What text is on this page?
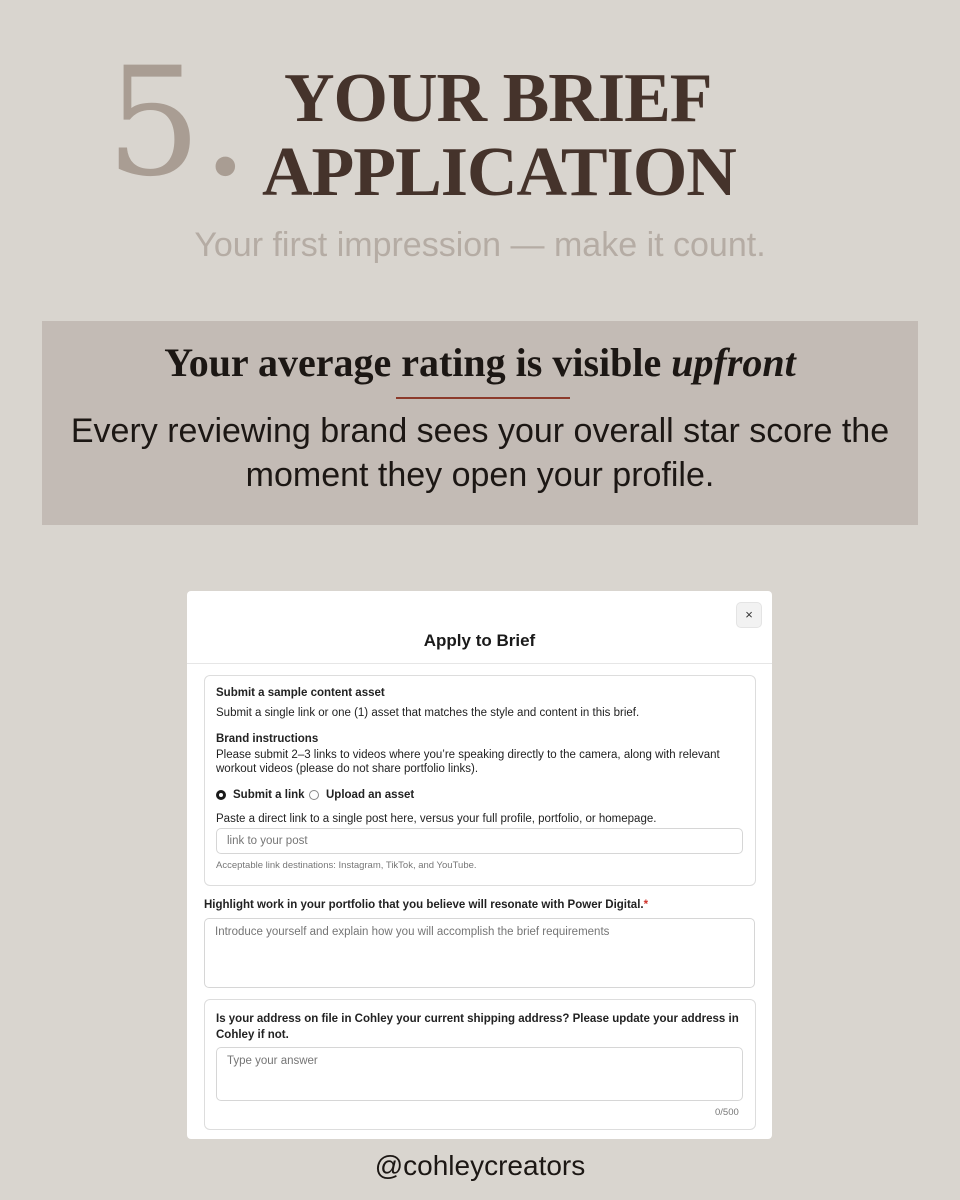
5. YOUR BRIEF
APPLICATION
Your first impression — make it count.
Your average rating is visible upfront
Every reviewing brand sees your overall star score the moment they open your profile.
×
Apply to Brief
Submit a sample content asset
Submit a single link or one (1) asset that matches the style and content in this brief.
Brand instructions
Please submit 2–3 links to videos where you’re speaking directly to the camera, along with relevant
workout videos (please do not share portfolio links).
Submit a link Upload an asset
Paste a direct link to a single post here, versus your full profile, portfolio, or homepage.
link to your post
Acceptable link destinations: Instagram, TikTok, and YouTube.
Highlight work in your portfolio that you believe will resonate with Power Digital.*
Introduce yourself and explain how you will accomplish the brief requirements
Is your address on file in Cohley your current shipping address? Please update your address in
Cohley if not.
Type your answer
0/500
@cohleycreators
